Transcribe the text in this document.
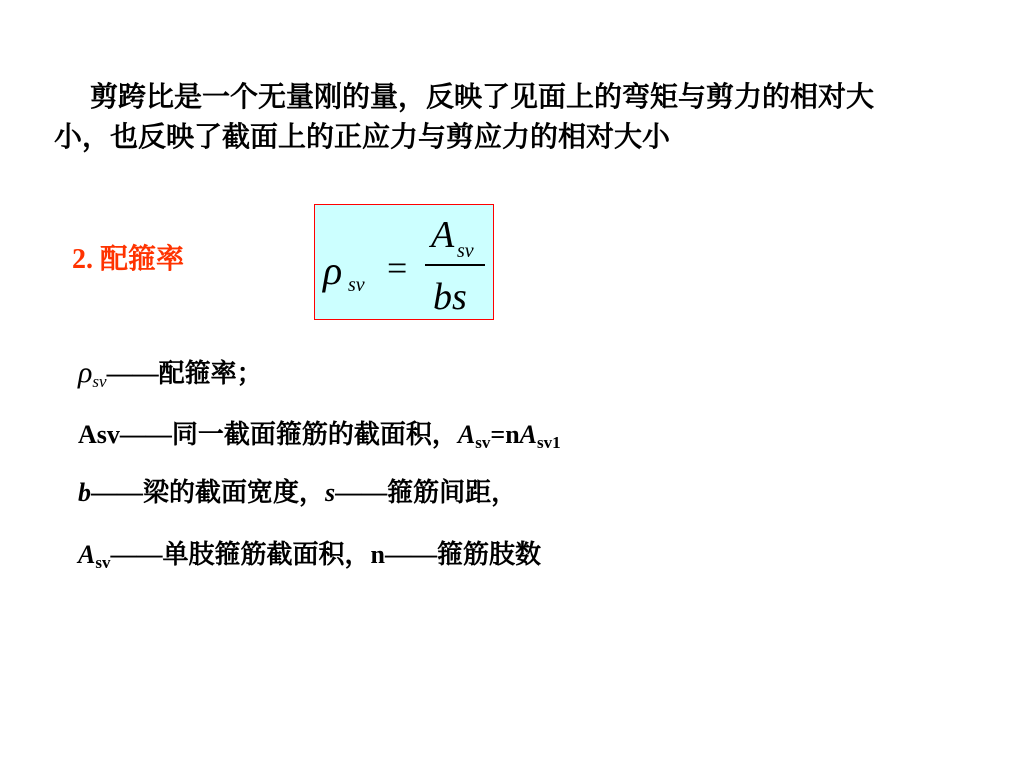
剪跨比是一个无量刚的量，反映了见面上的弯矩与剪力的相对大小，也反映了截面上的正应力与剪应力的相对大小

2. 配箍率	ρ sv =
A sv
bs

ρsv——配箍率；

Asv——同一截面箍筋的截面积，$A_{sv}=nA_{sv1}$

b——梁的截面宽度，s——箍筋间距，

$A_{sv}——$单肢箍筋截面积，n——箍筋肢数
